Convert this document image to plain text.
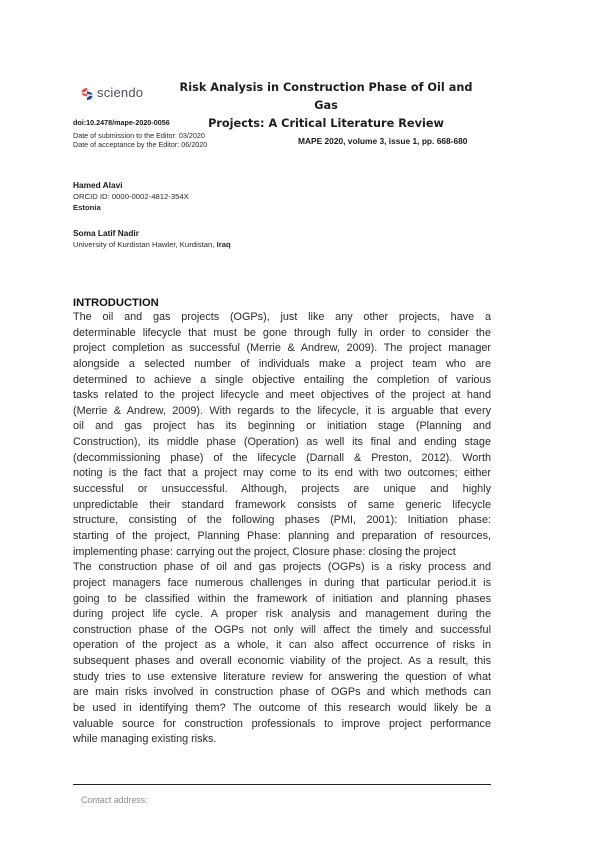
sciendo	Risk Analysis in Construction Phase of Oil and Gas
Projects: A Critical Literature Review
doi:10.2478/mape-2020-0056
Date of submission to the Editor: 03/2020
Date of acceptance by the Editor: 06/2020	MAPE 2020, volume 3, issue 1, pp. 668-680
Hamed Alavi
ORCID ID: 0000-0002-4812-354X
Estonia
Soma Latif Nadir
University of Kurdistan Hawler, Kurdistan, Iraq
INTRODUCTION
The oil and gas projects (OGPs), just like any other projects, have a
determinable lifecycle that must be gone through fully in order to consider the
project completion as successful (Merrie & Andrew, 2009). The project manager
alongside a selected number of individuals make a project team who are
determined to achieve a single objective entailing the completion of various
tasks related to the project lifecycle and meet objectives of the project at hand
(Merrie & Andrew, 2009). With regards to the lifecycle, it is arguable that every
oil and gas project has its beginning or initiation stage (Planning and
Construction), its middle phase (Operation) as well its final and ending stage
(decommissioning phase) of the lifecycle (Darnall & Preston, 2012). Worth
noting is the fact that a project may come to its end with two outcomes; either
successful or unsuccessful. Although, projects are unique and highly
unpredictable their standard framework consists of same generic lifecycle
structure, consisting of the following phases (PMI, 2001): Initiation phase:
starting of the project, Planning Phase: planning and preparation of resources,
implementing phase: carrying out the project, Closure phase: closing the project
The construction phase of oil and gas projects (OGPs) is a risky process and
project managers face numerous challenges in during that particular period.it is
going to be classified within the framework of initiation and planning phases
during project life cycle. A proper risk analysis and management during the
construction phase of the OGPs not only will affect the timely and successful
operation of the project as a whole, it can also affect occurrence of risks in
subsequent phases and overall economic viability of the project. As a result, this
study tries to use extensive literature review for answering the question of what
are main risks involved in construction phase of OGPs and which methods can
be used in identifying them? The outcome of this research would likely be a
valuable source for construction professionals to improve project performance
while managing existing risks.
Contact address:
